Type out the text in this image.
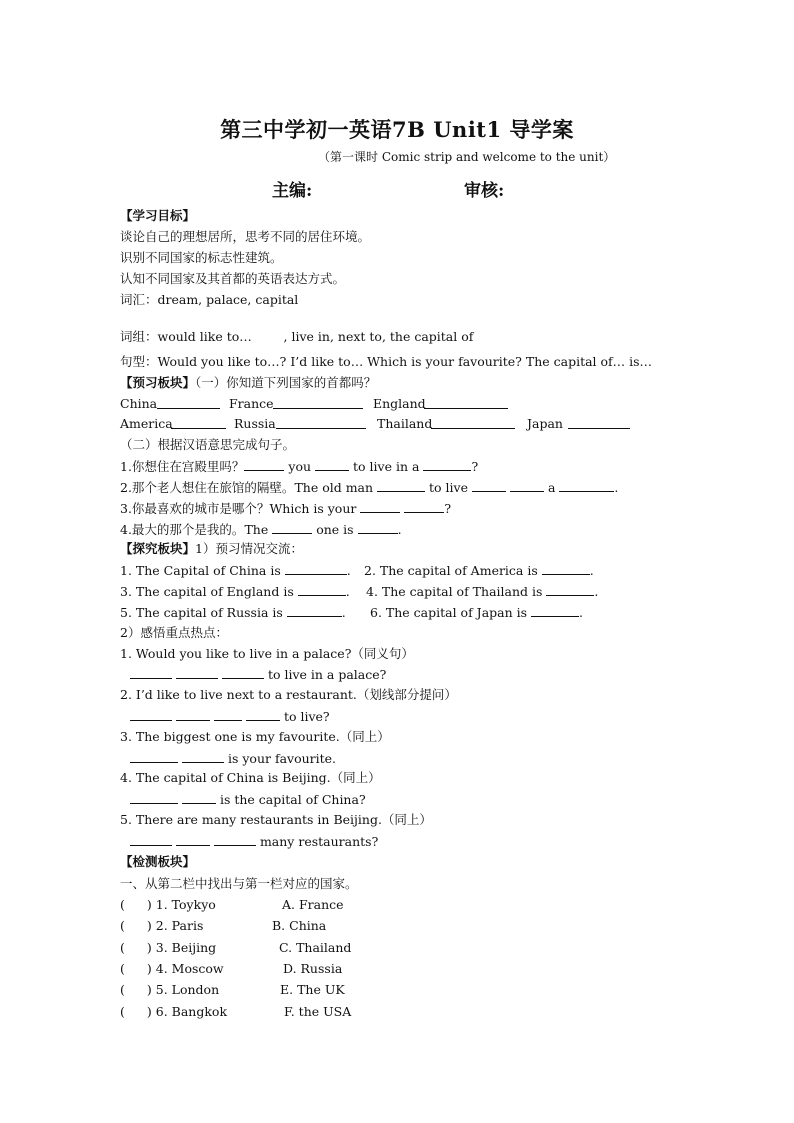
第三中学初一英语7B Unit1 导学案
（第一课时 Comic strip and welcome to the unit）
主编:	审核:
【学习目标】
谈论自己的理想居所，思考不同的居住环境。
识别不同国家的标志性建筑。
认知不同国家及其首都的英语表达方式。
词汇：dream, palace, capital
词组：would like to…        , live in, next to, the capital of
句型：Would you like to…? I’d like to… Which is your favourite? The capital of… is…
【预习板块】（一）你知道下列国家的首都吗？
China	France	England
America	Russia	Thailand	Japan
（二）根据汉语意思完成句子。
1.你想住在宫殿里吗？	you	to live in a	?
2.那个老人想住在旅馆的隔壁。The old man	to live	a	.
3.你最喜欢的城市是哪个？Which is your	?
4.最大的那个是我的。The	one is	.
【探究板块】1）预习情况交流：
1. The Capital of China is	. 2. The capital of America is	.
3. The capital of England is	. 4. The capital of Thailand is	.
5. The capital of Russia is	. 6. The capital of Japan is	.
2）感悟重点热点：
1. Would you like to live in a palace?（同义句）
to live in a palace?
2. I’d like to live next to a restaurant.（划线部分提问）
to live?
3. The biggest one is my favourite.（同上）
is your favourite.
4. The capital of China is Beijing.（同上）
is the capital of China?
5. There are many restaurants in Beijing.（同上）
many restaurants?
【检测板块】
一、从第二栏中找出与第一栏对应的国家。
( ) 1. Toykyo	A. France
( ) 2. Paris	B. China
( ) 3. Beijing	C. Thailand
( ) 4. Moscow	D. Russia
( ) 5. London	E. The UK
( ) 6. Bangkok	F. the USA
